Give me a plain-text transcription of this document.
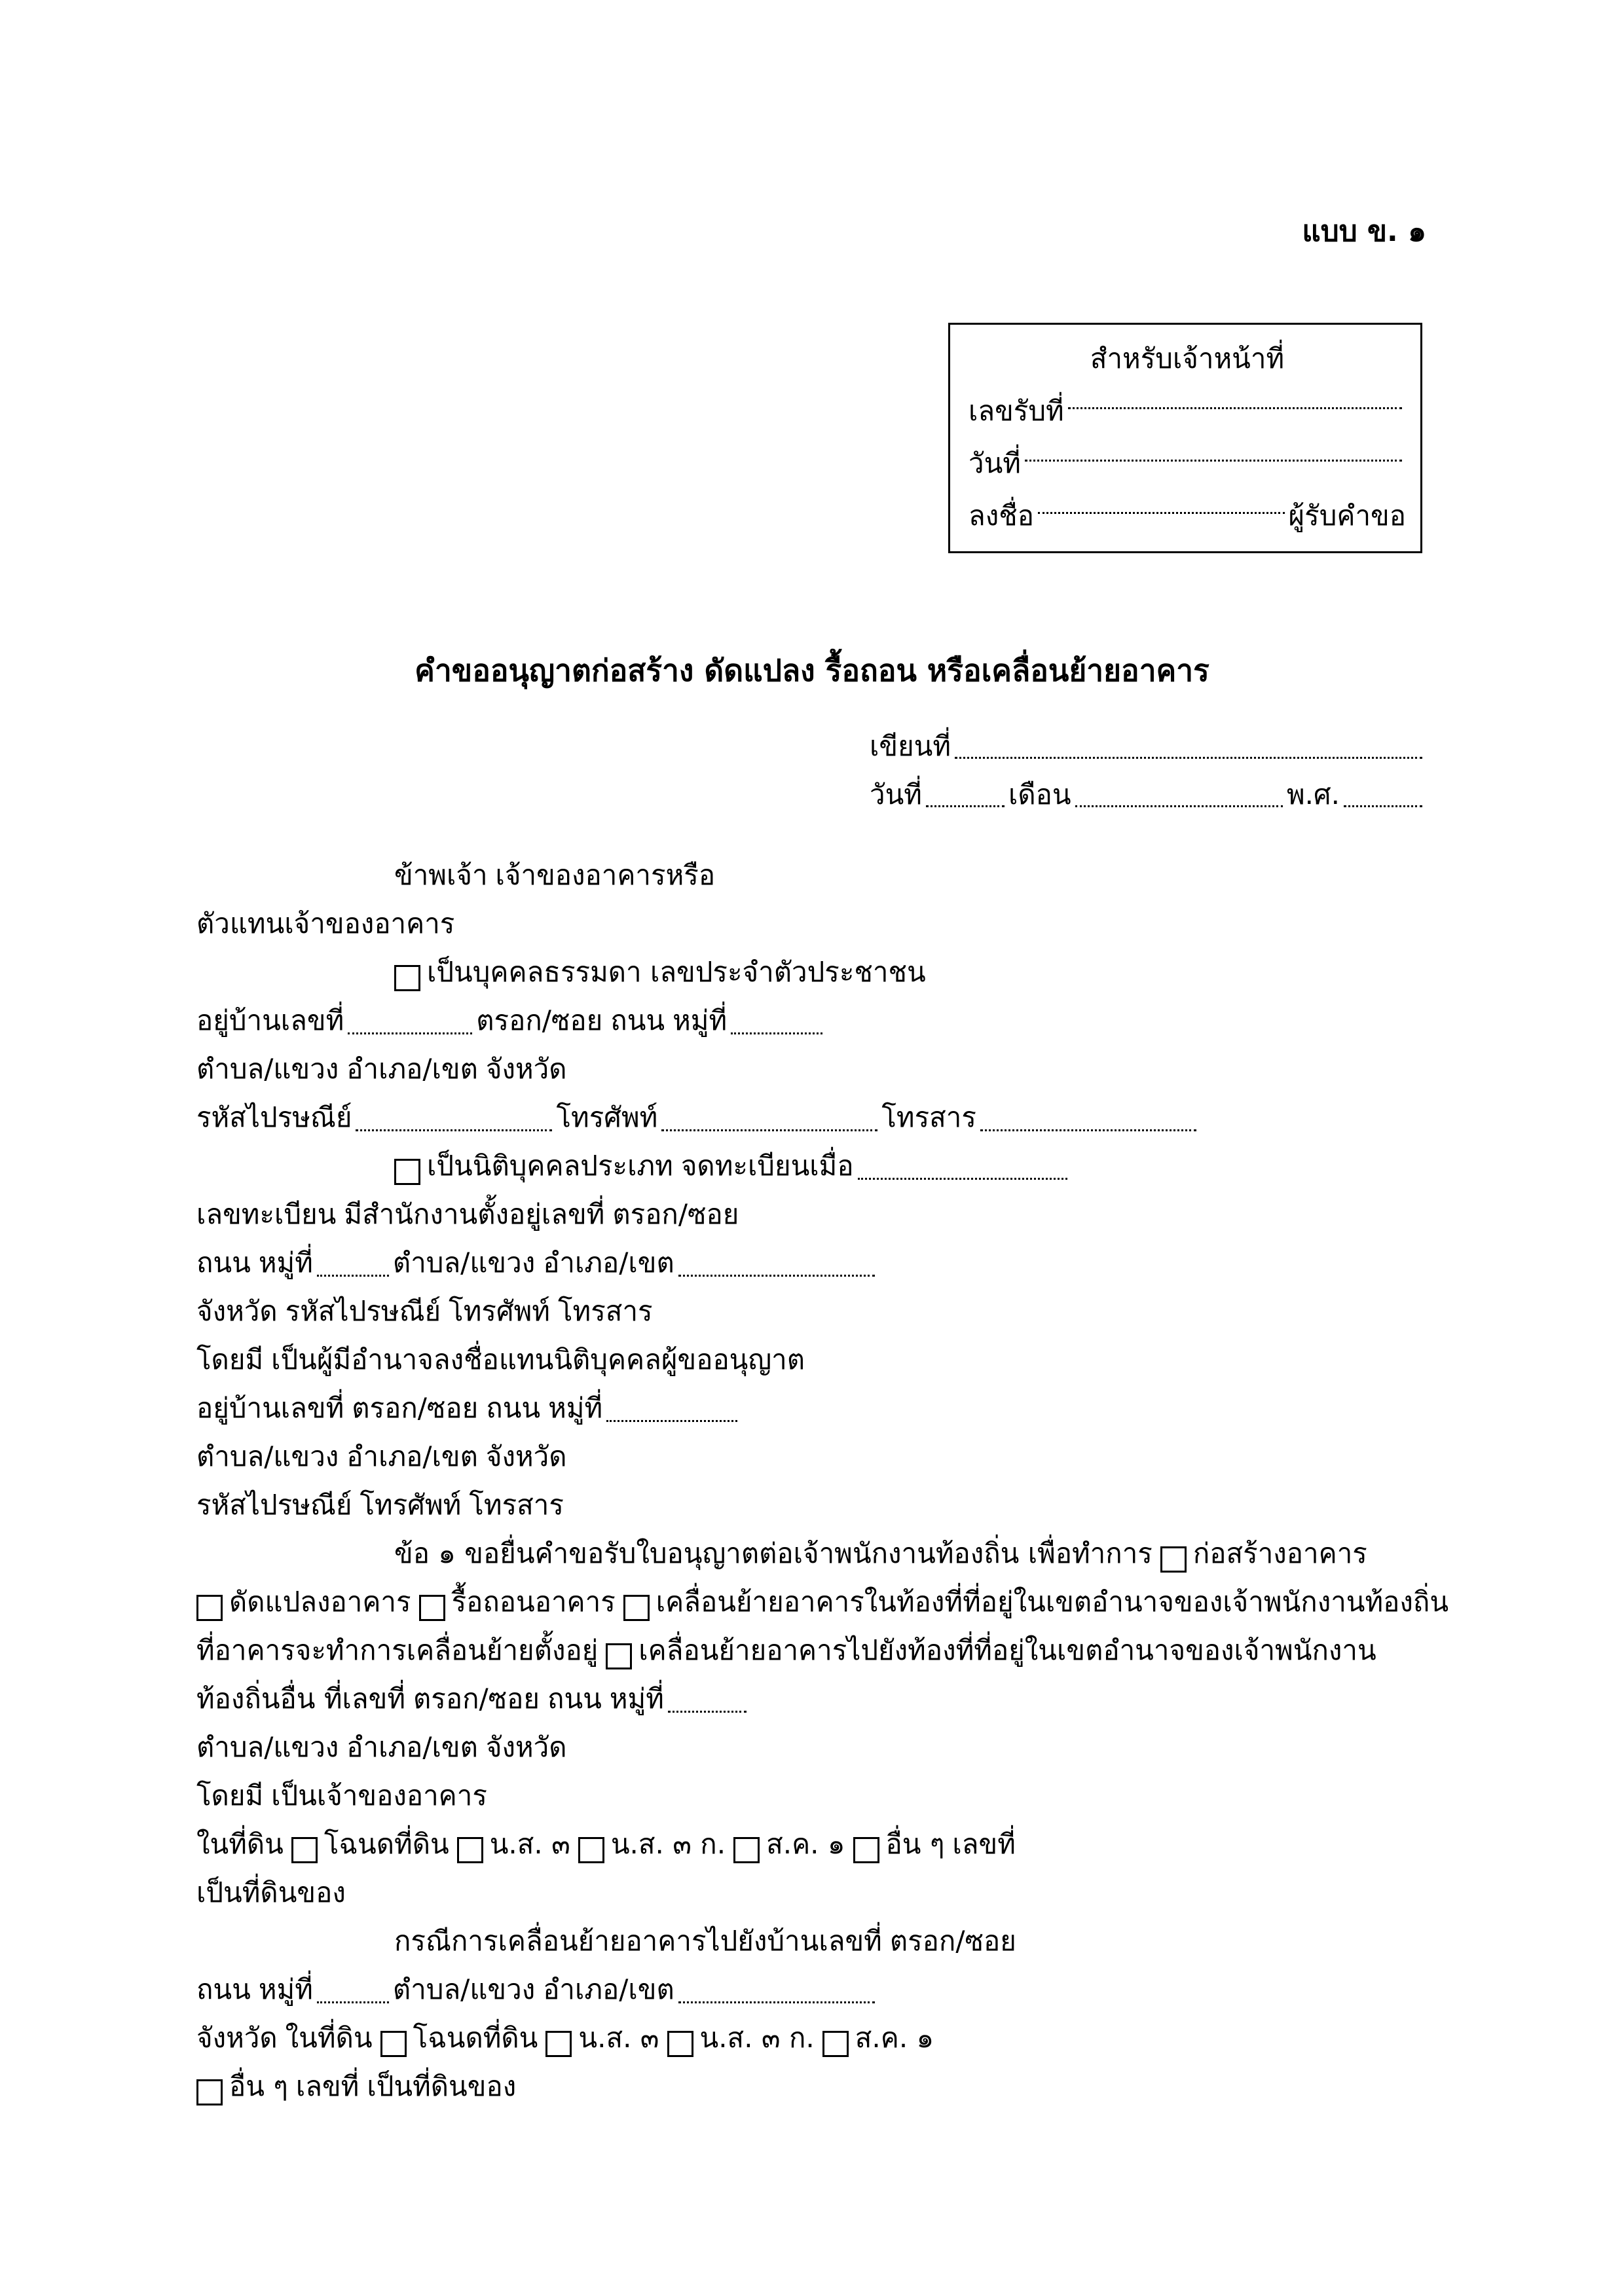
แบบ ข. ๑
สำหรับเจ้าหน้าที่
เลขรับที่
วันที่
ลงชื่อ	ผู้รับคำขอ
คำขออนุญาตก่อสร้าง ดัดแปลง รื้อถอน หรือเคลื่อนย้ายอาคาร
เขียนที่
วันที่	เดือน	พ.ศ.
ข้าพเจ้า เจ้าของอาคารหรือ
ตัวแทนเจ้าของอาคาร
เป็นบุคคลธรรมดา เลขประจำตัวประชาชน
อยู่บ้านเลขที่	ตรอก/ซอย ถนน หมู่ที่
ตำบล/แขวง อำเภอ/เขต จังหวัด
รหัสไปรษณีย์	โทรศัพท์	โทรสาร
เป็นนิติบุคคลประเภท จดทะเบียนเมื่อ
เลขทะเบียน มีสำนักงานตั้งอยู่เลขที่ ตรอก/ซอย
ถนน หมู่ที่	ตำบล/แขวง อำเภอ/เขต
จังหวัด รหัสไปรษณีย์ โทรศัพท์ โทรสาร
โดยมี เป็นผู้มีอำนาจลงชื่อแทนนิติบุคคลผู้ขออนุญาต
อยู่บ้านเลขที่ ตรอก/ซอย ถนน หมู่ที่
ตำบล/แขวง อำเภอ/เขต จังหวัด
รหัสไปรษณีย์ โทรศัพท์ โทรสาร
ข้อ ๑ ขอยื่นคำขอรับใบอนุญาตต่อเจ้าพนักงานท้องถิ่น เพื่อทำการ ก่อสร้างอาคาร
ดัดแปลงอาคาร รื้อถอนอาคาร เคลื่อนย้ายอาคารในท้องที่ที่อยู่ในเขตอำนาจของเจ้าพนักงานท้องถิ่น
ที่อาคารจะทำการเคลื่อนย้ายตั้งอยู่ เคลื่อนย้ายอาคารไปยังท้องที่ที่อยู่ในเขตอำนาจของเจ้าพนักงาน
ท้องถิ่นอื่น ที่เลขที่ ตรอก/ซอย ถนน หมู่ที่
ตำบล/แขวง อำเภอ/เขต จังหวัด
โดยมี เป็นเจ้าของอาคาร
ในที่ดิน โฉนดที่ดิน น.ส. ๓ น.ส. ๓ ก. ส.ค. ๑ อื่น ๆ เลขที่
เป็นที่ดินของ
กรณีการเคลื่อนย้ายอาคารไปยังบ้านเลขที่ ตรอก/ซอย
ถนน หมู่ที่	ตำบล/แขวง อำเภอ/เขต
จังหวัด ในที่ดิน โฉนดที่ดิน น.ส. ๓ น.ส. ๓ ก. ส.ค. ๑
อื่น ๆ เลขที่ เป็นที่ดินของ
